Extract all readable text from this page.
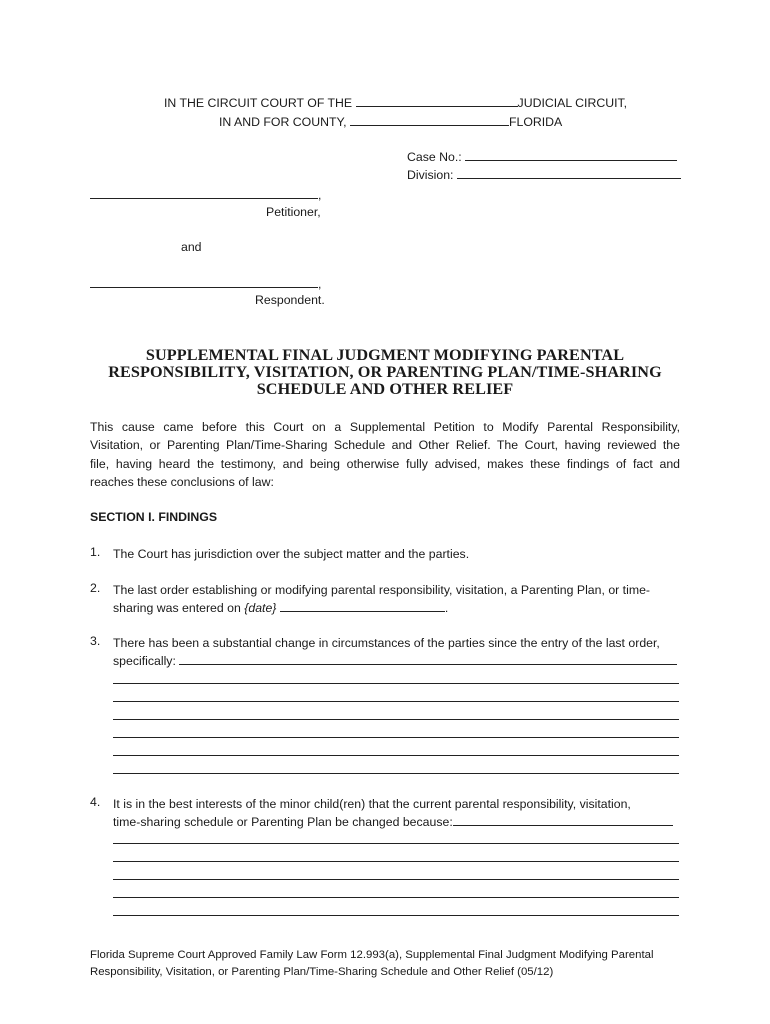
IN THE CIRCUIT COURT OF THE	JUDICIAL CIRCUIT,
IN AND FOR COUNTY,	FLORIDA
Case No.:
Division:
,
Petitioner,
and
,
Respondent.
SUPPLEMENTAL FINAL JUDGMENT MODIFYING PARENTAL
RESPONSIBILITY, VISITATION, OR PARENTING PLAN/TIME-SHARING
SCHEDULE AND OTHER RELIEF
This cause came before this Court on a Supplemental Petition to Modify Parental Responsibility,
Visitation, or Parenting Plan/Time-Sharing Schedule and Other Relief. The Court, having reviewed the
file, having heard the testimony, and being otherwise fully advised, makes these findings of fact and
reaches these conclusions of law:
SECTION I. FINDINGS
1. The Court has jurisdiction over the subject matter and the parties.
2. The last order establishing or modifying parental responsibility, visitation, a Parenting Plan, or time-
sharing was entered on {date}	.
3. There has been a substantial change in circumstances of the parties since the entry of the last order,
specifically:
4. It is in the best interests of the minor child(ren) that the current parental responsibility, visitation,
time-sharing schedule or Parenting Plan be changed because:
Florida Supreme Court Approved Family Law Form 12.993(a), Supplemental Final Judgment Modifying Parental
Responsibility, Visitation, or Parenting Plan/Time-Sharing Schedule and Other Relief (05/12)
